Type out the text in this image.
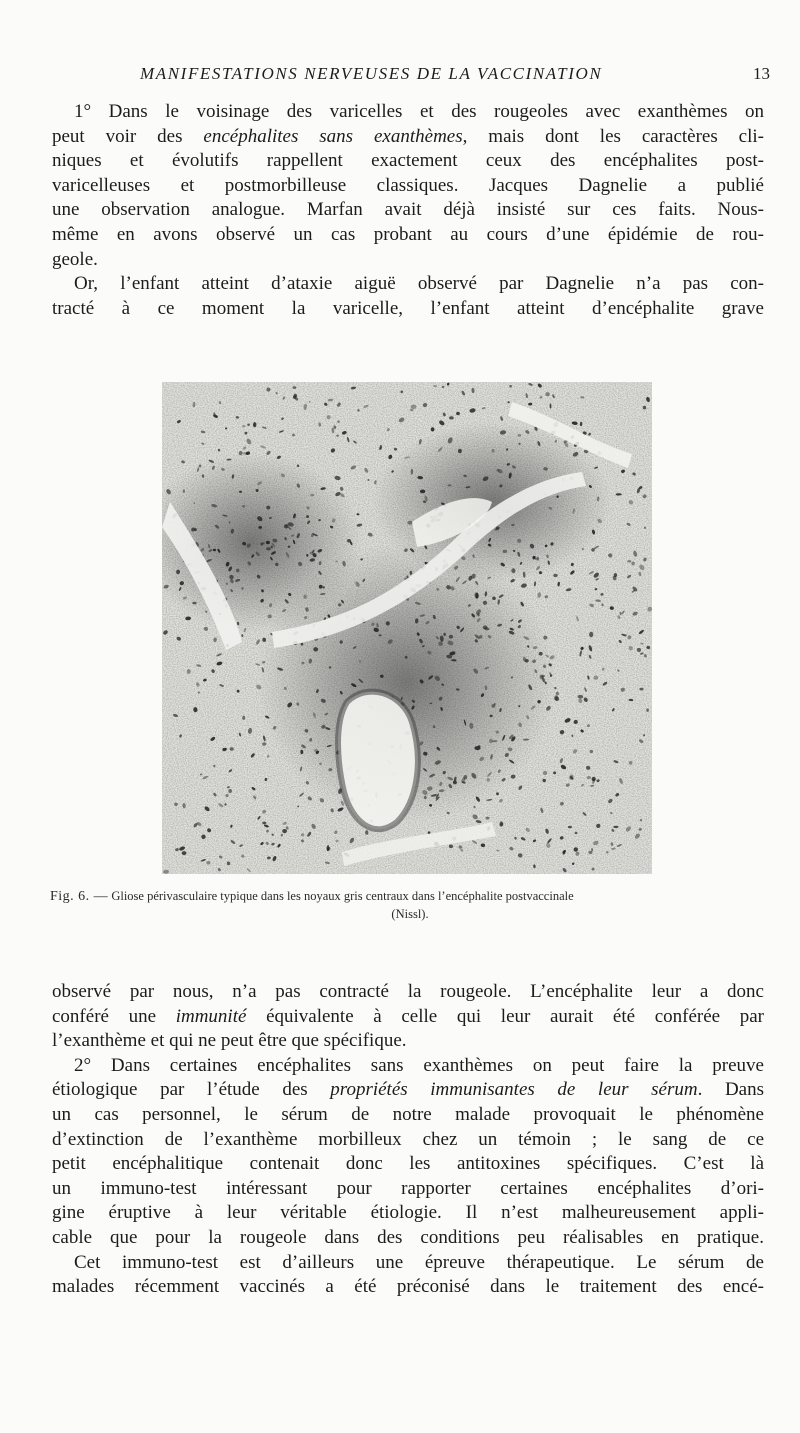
MANIFESTATIONS NERVEUSES DE LA VACCINATION	13
1° Dans le voisinage des varicelles et des rougeoles avec exanthèmes on
peut voir des encéphalites sans exanthèmes, mais dont les caractères cli-
niques et évolutifs rappellent exactement ceux des encéphalites post-
varicelleuses et postmorbilleuse classiques. Jacques Dagnelie a publié
une observation analogue. Marfan avait déjà insisté sur ces faits. Nous-
même en avons observé un cas probant au cours d’une épidémie de rou-
geole.
Or, l’enfant atteint d’ataxie aiguë observé par Dagnelie n’a pas con-
tracté à ce moment la varicelle, l’enfant atteint d’encéphalite grave
Fig. 6. — Gliose périvasculaire typique dans les noyaux gris centraux dans l’encéphalite postvaccinale
(Nissl).
observé par nous, n’a pas contracté la rougeole. L’encéphalite leur a donc
conféré une immunité équivalente à celle qui leur aurait été conférée par
l’exanthème et qui ne peut être que spécifique.
2° Dans certaines encéphalites sans exanthèmes on peut faire la preuve
étiologique par l’étude des propriétés immunisantes de leur sérum. Dans
un cas personnel, le sérum de notre malade provoquait le phénomène
d’extinction de l’exanthème morbilleux chez un témoin ; le sang de ce
petit encéphalitique contenait donc les antitoxines spécifiques. C’est là
un immuno-test intéressant pour rapporter certaines encéphalites d’ori-
gine éruptive à leur véritable étiologie. Il n’est malheureusement appli-
cable que pour la rougeole dans des conditions peu réalisables en pratique.
Cet immuno-test est d’ailleurs une épreuve thérapeutique. Le sérum de
malades récemment vaccinés a été préconisé dans le traitement des encé-
